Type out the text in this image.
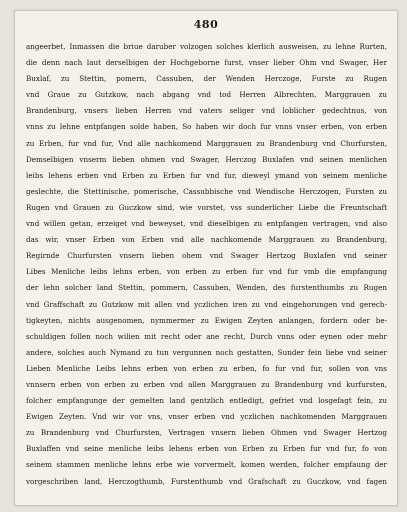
480
angeerbet, Inmassen die briue daruber volzogen solches klerlich ausweisen, zu lehne Rurten,
die denn nach laut derselbigen der Hochgeborne furst, vnser lieber Ohm vnd Swager, Her
Buxlaf, zu Stettin, pomern, Cassuben, der Wenden Herczoge, Furste zu Rugen
vnd Graue zu Gutzkow, nach abgang vnd tod Herren Albrechten, Marggrauen zu
Brandenburg, vnsers lieben Herren vnd vaters seliger vnd loblicher gedechtnus, von
vnns zu lehne entpfangen solde haben, So haben wir doch fur vnns vnser erben, von erben
zu Erben, fur vnd fur, Vnd alle nachkomend Marggrauen zu Brandenburg vnd Churfursten,
Demselbigen vnserm lieben ohmen vnd Swager, Herczog Buxlafen vnd seinen menlichen
leibs lehens erben vnd Erben zu Erben fur vnd fur, dieweyl ymand von seinem menliche
geslechte, die Stettinische, pomerische, Cassubbische vnd Wendische Herczogen, Fursten zu
Rugen vnd Grauen zu Guczkow sind, wie vorstet, vss sunderlicher Liebe die Freuntschaft
vnd willen getan, erzeiget vnd beweyset, vnd dieselbigen zu entpfangen vertragen, vnd also
das wir, vnser Erben von Erben vnd alle nachkomende Marggrauen zu Brandenburg,
Regirnde Churfursten vnsern lieben ohem vnd Swager Hertzog Buxlafen vnd seiner
Libes Menliche leibs lehns erben, von erben zu erben fur vnd fur vmb die empfangung
der lehn solcher land Stettin, pommern, Cassuben, Wenden, des furstenthumbs zu Rugen
vnd Graffschaft zu Gutzkow mit allen vnd yczlichen iren zu vnd eingehorungen vnd gerech-
tigkeyten, nichts ausgenomen, nymmermer zu Ewigen Zeyten anlangen, fordern oder be-
schuldigen follen noch wilien mit recht oder ane recht, Durch vnns oder eynen oder mehr
andere, solches auch Nymand zu tun vergunnen noch gestatten, Sunder fein liebe vnd seiner
Lieben Menliche Leibs lehns erben von erben zu erben, fo fur vnd fur, sollen von vns
vnnsern erben von erben zu erben vnd allen Marggrauen zu Brandenburg vnd kurfursten,
folcher empfangunge der gemelten land gentzlich entledigt, gefriet vnd losgefagt fein, zu
Ewigen Zeyten. Vnd wir vor vns, vnser erben vnd yczlichen nachkomenden Marggrauen
zu Brandenburg vnd Churfursten, Vertragen vnsern lieben Ohmen vnd Swager Hertzog
Buxlaffen vnd seine menliche leibs lehens erben von Erben zu Erben fur vnd fur, fo von
seinem stammen menliche lehns erbe wie vorvermelt, komen werden, folcher empfaung der
vorgeschriben land, Herczogthumb, Furstenthumb vnd Grafschaft zu Guczkow, vnd fagen
